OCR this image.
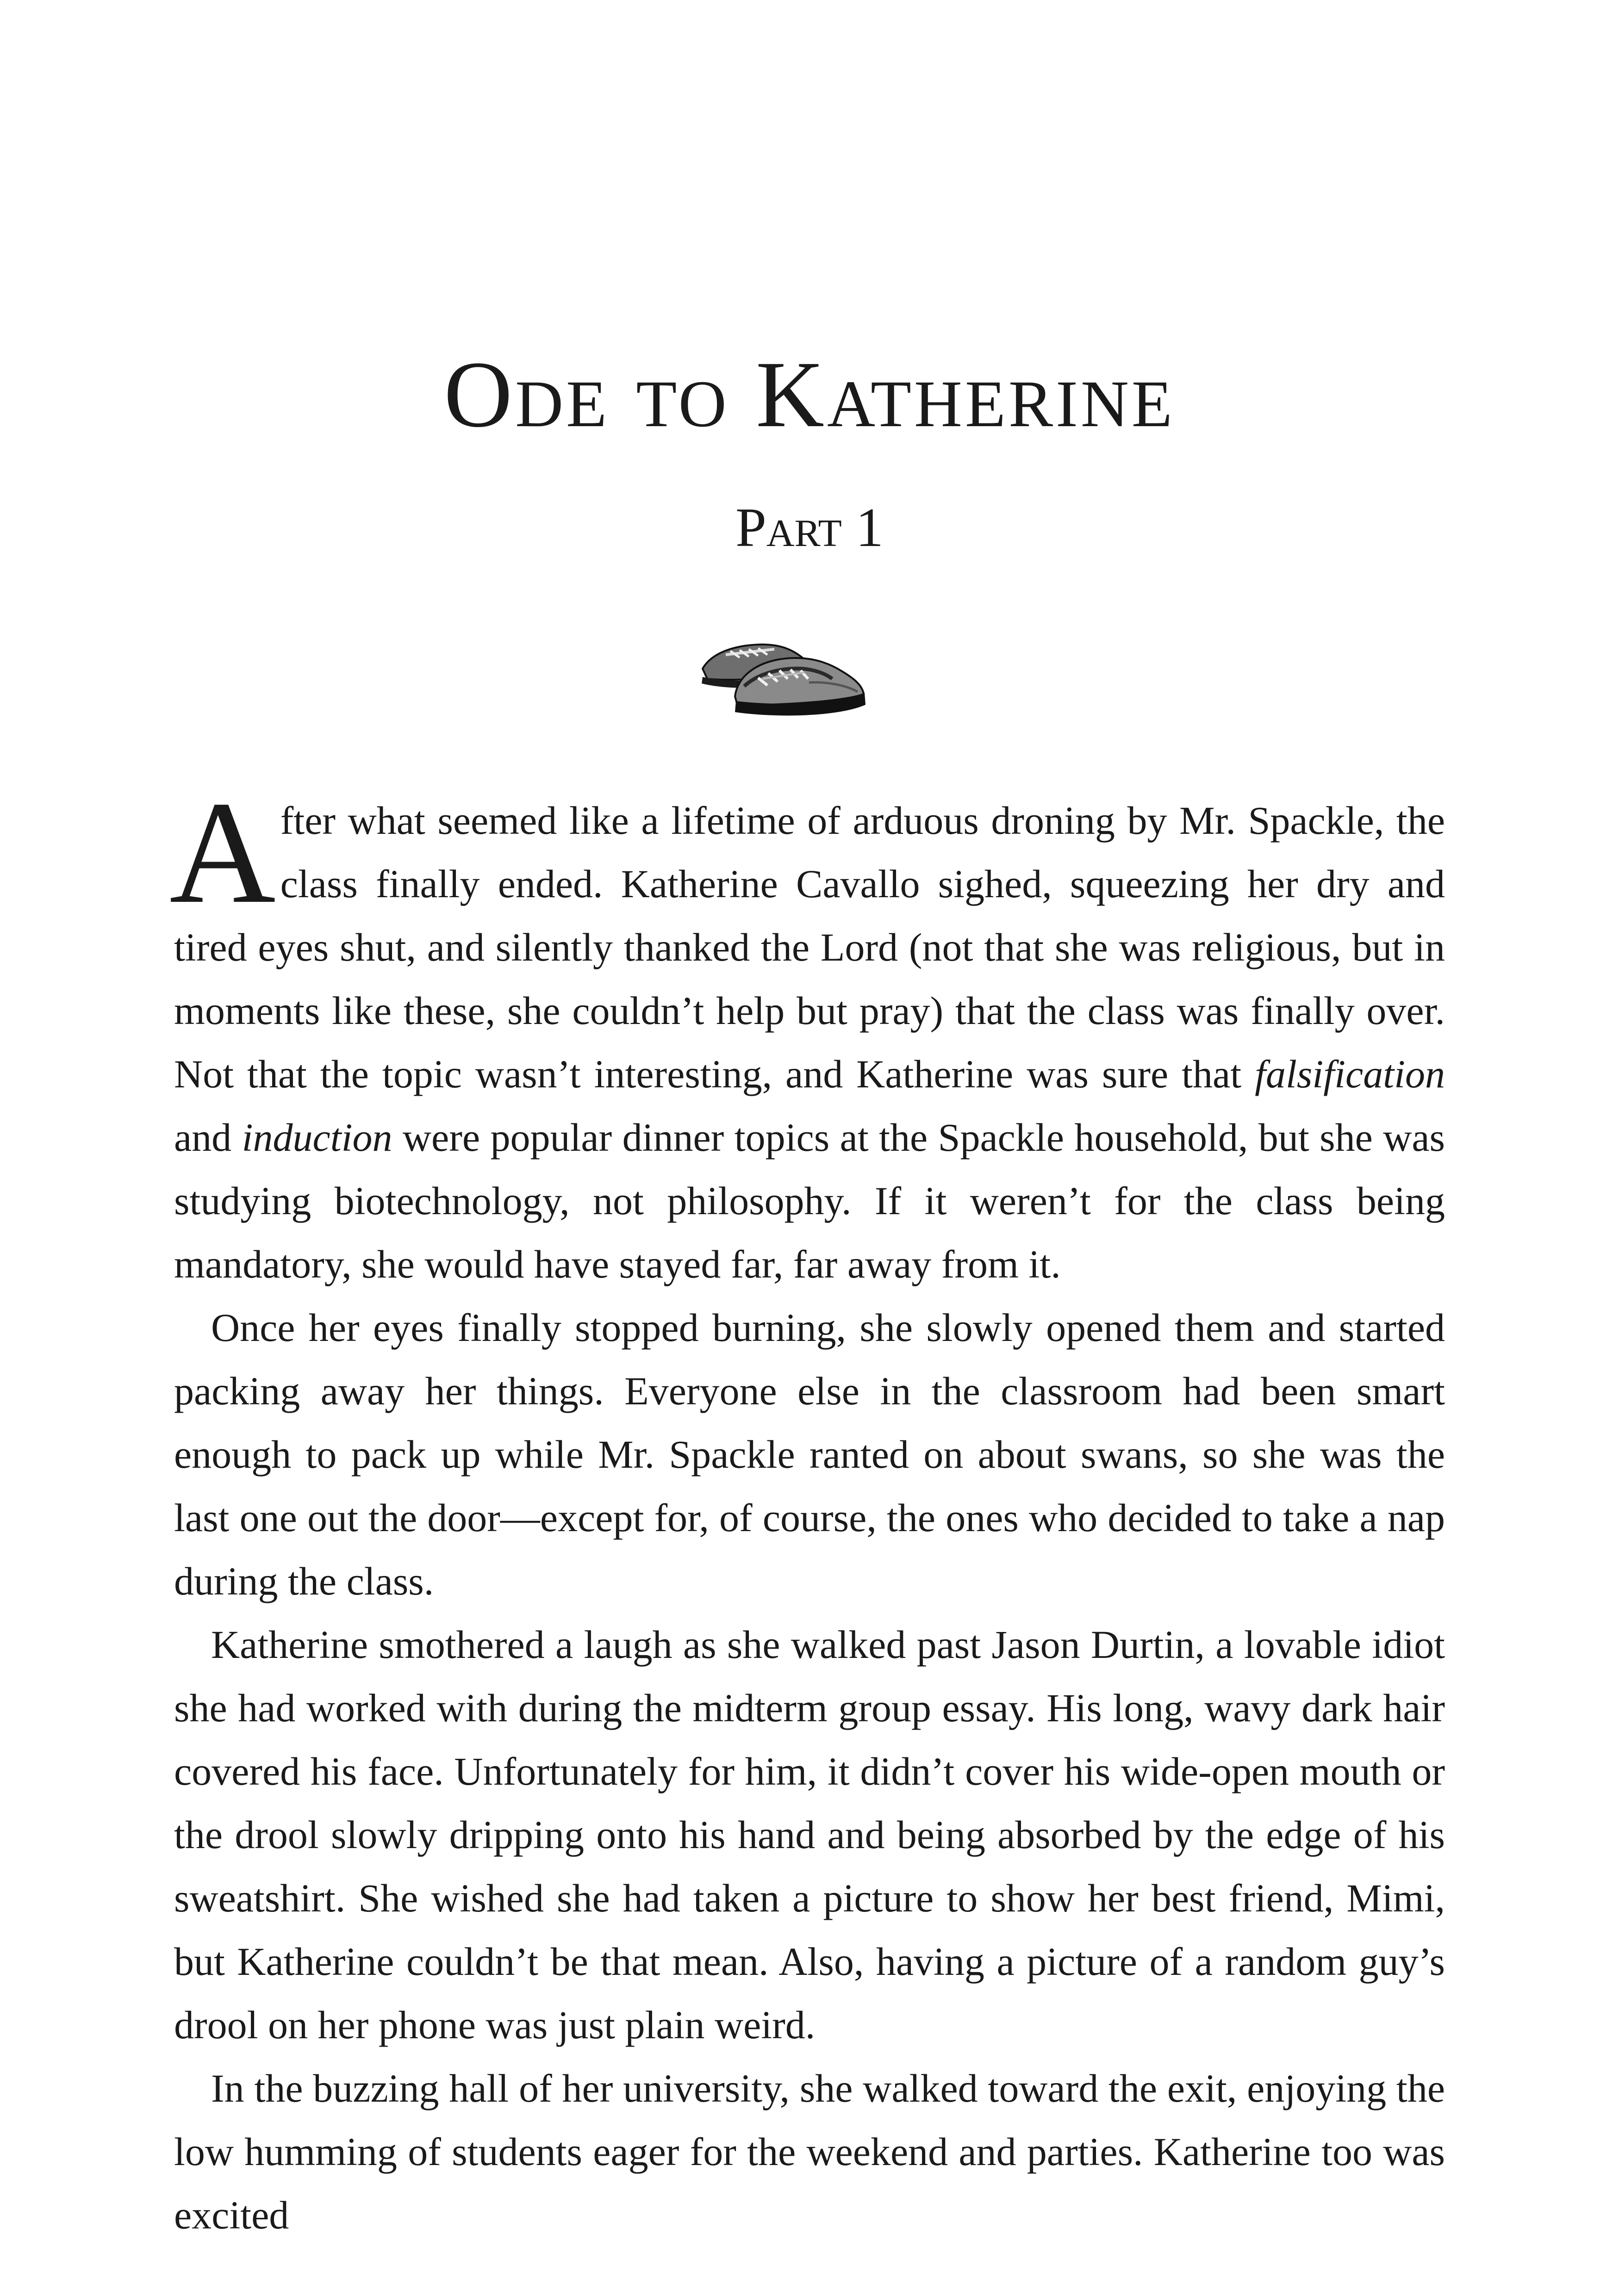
Ode to Katherine
Part 1

After what seemed like a lifetime of arduous droning by Mr. Spackle, the class finally ended. Katherine Cavallo sighed, squeezing her dry and tired eyes shut, and silently thanked the Lord (not that she was religious, but in moments like these, she couldn’t help but pray) that the class was finally over. Not that the topic wasn’t interesting, and Katherine was sure that falsification and induction were popular dinner topics at the Spackle household, but she was studying biotechnology, not philosophy. If it weren’t for the class being mandatory, she would have stayed far, far away from it.

Once her eyes finally stopped burning, she slowly opened them and started packing away her things. Everyone else in the classroom had been smart enough to pack up while Mr. Spackle ranted on about swans, so she was the last one out the door—except for, of course, the ones who decided to take a nap during the class.

Katherine smothered a laugh as she walked past Jason Durtin, a lovable idiot she had worked with during the midterm group essay. His long, wavy dark hair covered his face. Unfortunately for him, it didn’t cover his wide-open mouth or the drool slowly dripping onto his hand and being absorbed by the edge of his sweatshirt. She wished she had taken a picture to show her best friend, Mimi, but Katherine couldn’t be that mean. Also, having a picture of a random guy’s drool on her phone was just plain weird.

In the buzzing hall of her university, she walked toward the exit, enjoying the low humming of students eager for the weekend and parties. Katherine too was excited
